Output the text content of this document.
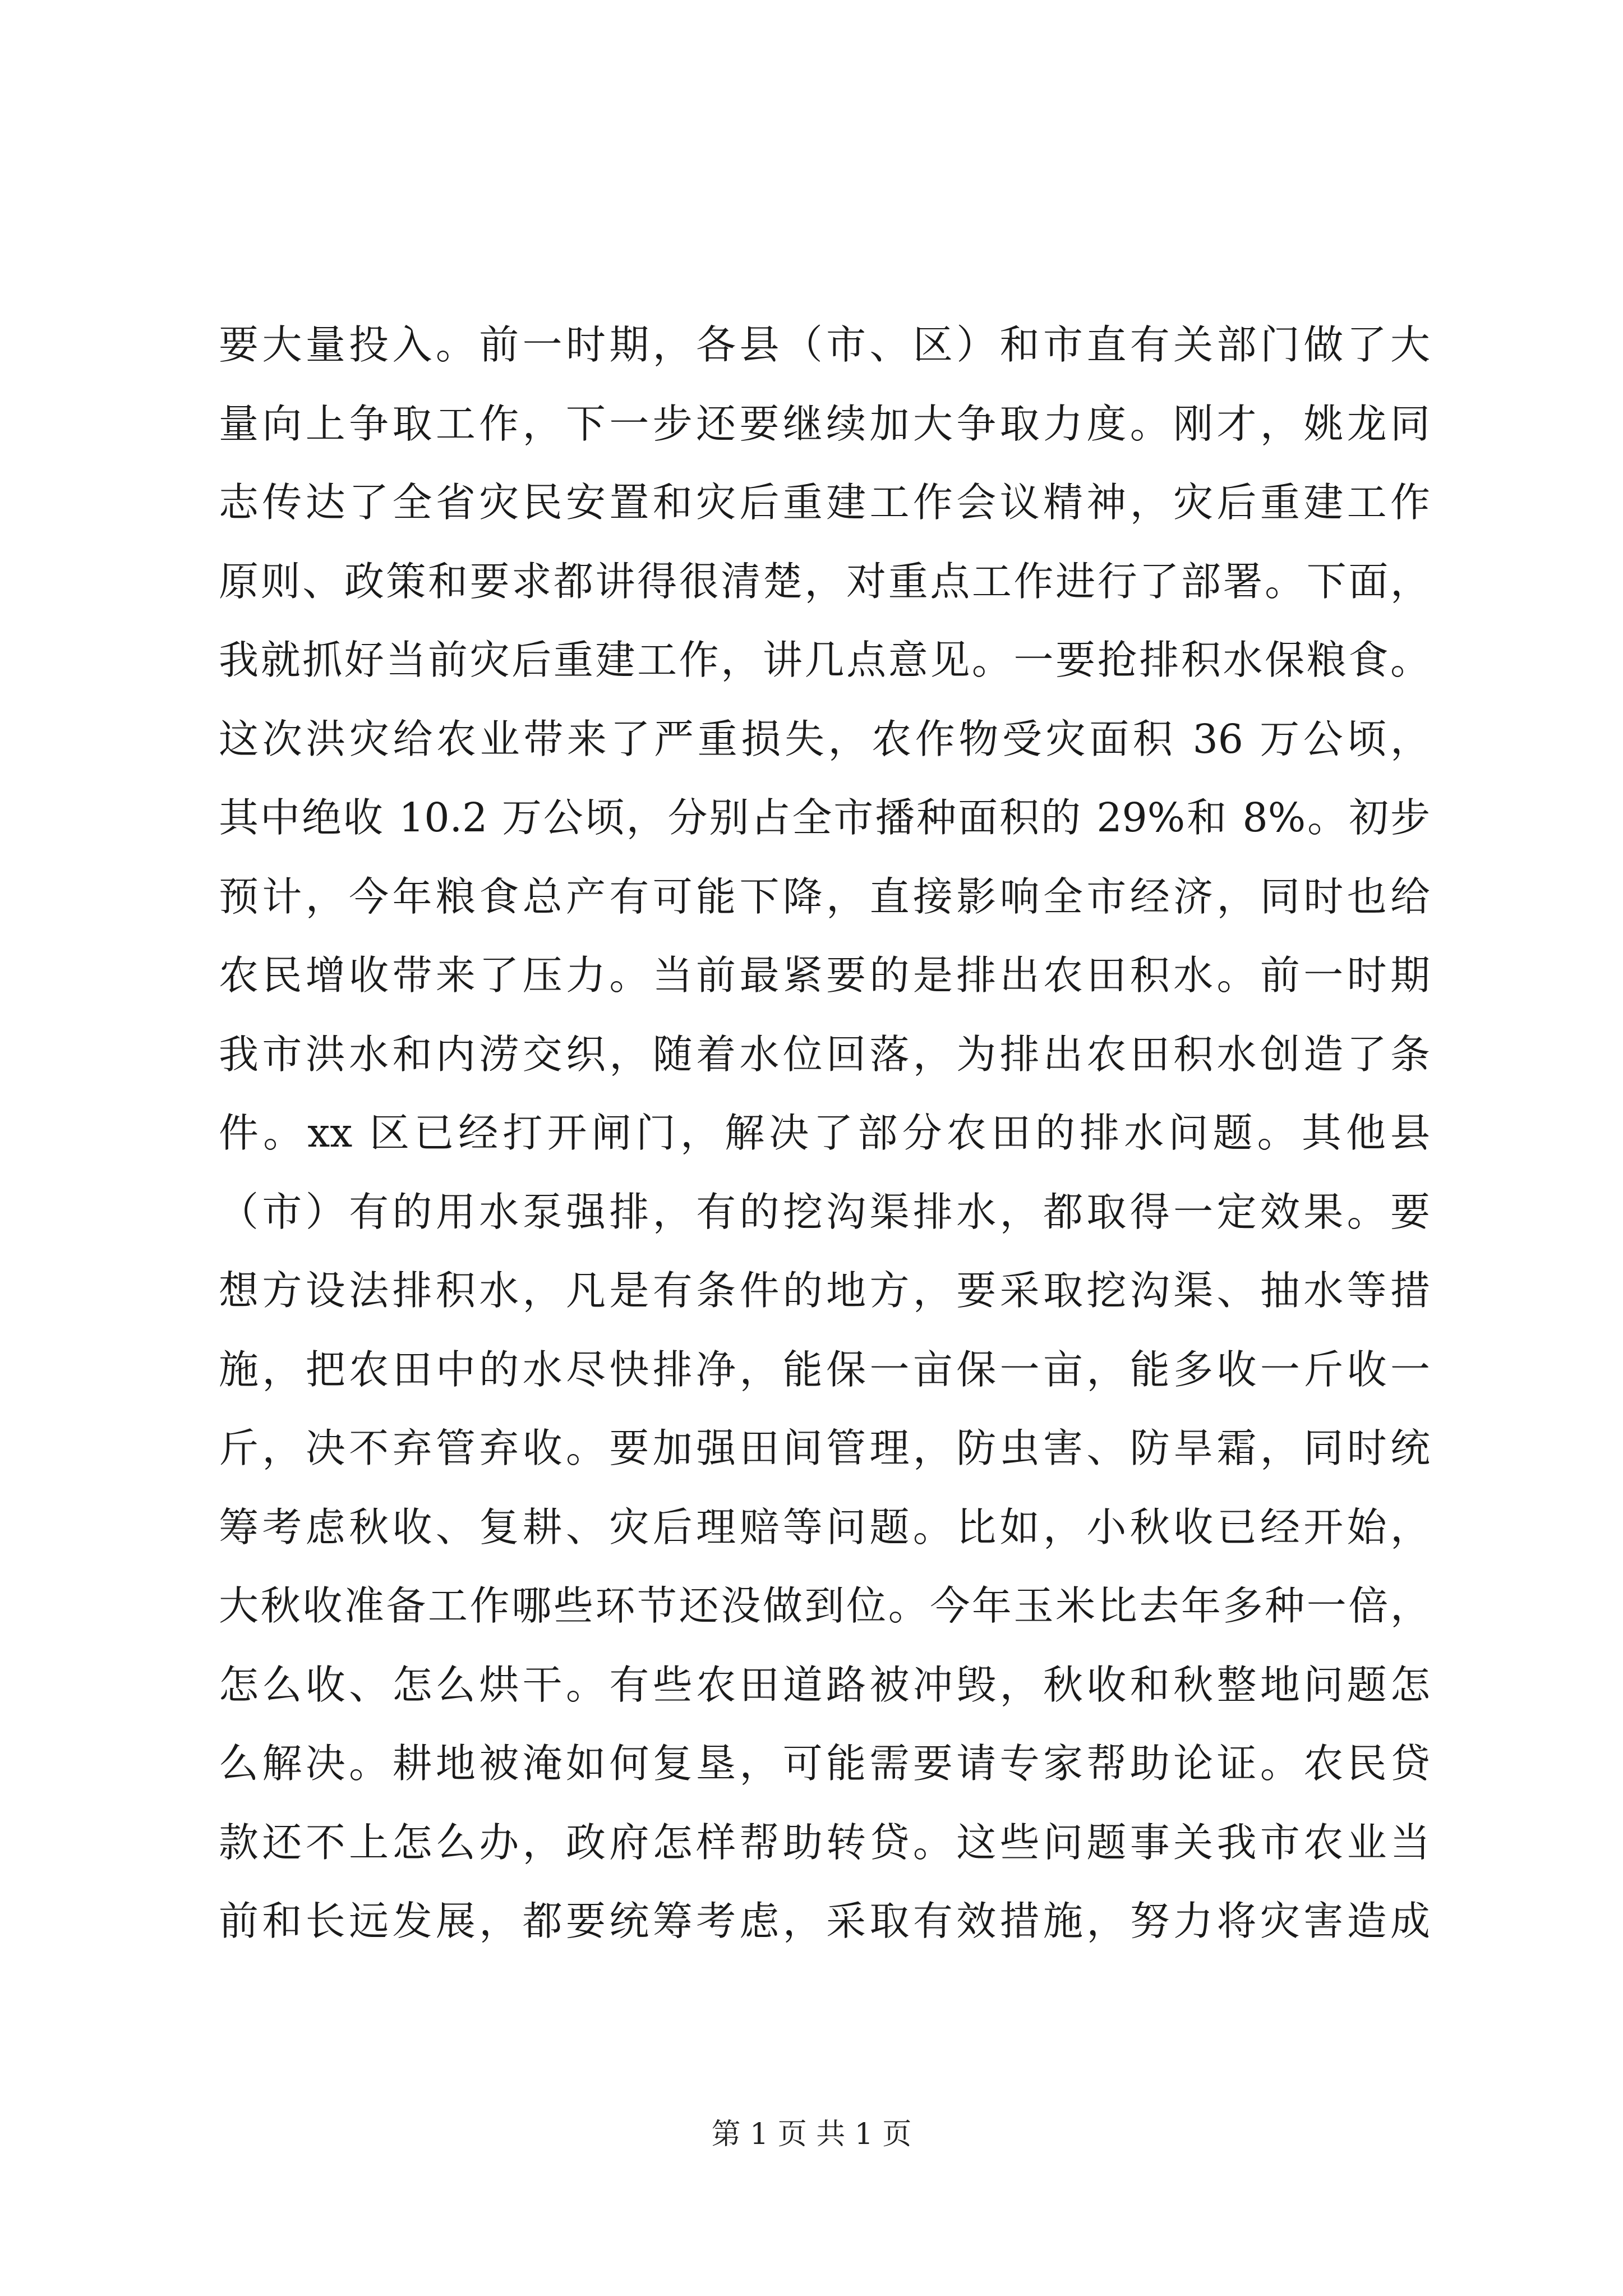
要大量投入。前一时期，各县（市、区）和市直有关部门做了大
量向上争取工作，下一步还要继续加大争取力度。刚才，姚龙同
志传达了全省灾民安置和灾后重建工作会议精神，灾后重建工作
原则、政策和要求都讲得很清楚，对重点工作进行了部署。下面，
我就抓好当前灾后重建工作，讲几点意见。一要抢排积水保粮食。
这次洪灾给农业带来了严重损失，农作物受灾面积 36 万公顷，
其中绝收 10.2 万公顷，分别占全市播种面积的 29%和 8%。初步
预计，今年粮食总产有可能下降，直接影响全市经济，同时也给
农民增收带来了压力。当前最紧要的是排出农田积水。前一时期
我市洪水和内涝交织，随着水位回落，为排出农田积水创造了条
件。xx 区已经打开闸门，解决了部分农田的排水问题。其他县
（市）有的用水泵强排，有的挖沟渠排水，都取得一定效果。要
想方设法排积水，凡是有条件的地方，要采取挖沟渠、抽水等措
施，把农田中的水尽快排净，能保一亩保一亩，能多收一斤收一
斤，决不弃管弃收。要加强田间管理，防虫害、防旱霜，同时统
筹考虑秋收、复耕、灾后理赔等问题。比如，小秋收已经开始，
大秋收准备工作哪些环节还没做到位。今年玉米比去年多种一倍，
怎么收、怎么烘干。有些农田道路被冲毁，秋收和秋整地问题怎
么解决。耕地被淹如何复垦，可能需要请专家帮助论证。农民贷
款还不上怎么办，政府怎样帮助转贷。这些问题事关我市农业当
前和长远发展，都要统筹考虑，采取有效措施，努力将灾害造成
第 1 页 共 1 页
